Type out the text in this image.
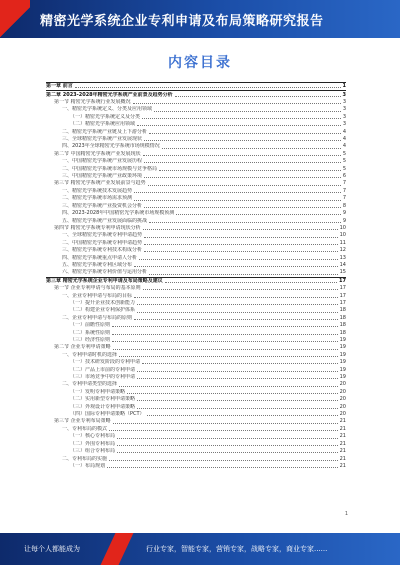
精密光学系统企业专利申请及布局策略研究报告
内容目录
第一章 前言	1
第二章 2023-2028年精密光学系统产业前景及趋势分析	3
第一节 精密光学系统行业发展概况	3
一、精密光学系统定义、分类及应用领域	3
（一）精密光学系统定义及分类	3
（二）精密光学系统应用领域	3
二、精密光学系统产业链及上下游分析	4
三、全球精密光学系统产业发展现状	4
四、2023年全球精密光学系统市场规模情况	4
第二节 中国精密光学系统产业发展现状	5
一、中国精密光学系统产业发展历程	5
二、中国精密光学系统市场规模与竞争格局	5
三、中国精密光学系统产业政策环境	6
第三节 精密光学系统产业发展前景与趋势	7
一、精密光学系统技术发展趋势	7
二、精密光学系统市场需求预测	7
三、精密光学系统产业投资机会分析	8
四、2023-2028年中国精密光学系统市场规模预测	9
五、精密光学系统产业发展面临的挑战	9
第四节 精密光学系统专利申请现状分析	10
一、全球精密光学系统专利申请趋势	10
二、中国精密光学系统专利申请趋势	11
三、精密光学系统专利技术构成分析	12
四、精密光学系统重点申请人分析	13
五、精密光学系统专利区域分布	14
六、精密光学系统专利价值与运用分析	15
第三章 精密光学系统企业专利申请及布局策略及建议	17
第一节 企业专利申请与布局的基本原则	17
一、企业专利申请与布局的目标	17
（一）提升企业技术创新能力	17
（二）构建企业专利保护体系	18
二、企业专利申请与布局的原则	18
（一）前瞻性原则	18
（二）系统性原则	18
（三）经济性原则	19
第二节 企业专利申请策略	19
一、专利申请时机的选择	19
（一）技术研发阶段的专利申请	19
（二）产品上市前的专利申请	19
（三）市场竞争中的专利申请	19
二、专利申请类型的选择	20
（一）发明专利申请策略	20
（二）实用新型专利申请策略	20
（三）外观设计专利申请策略	20
（四）国际专利申请策略（PCT）	20
第三节 企业专利布局策略	21
一、专利布局的模式	21
（一）核心专利布局	21
（二）外围专利布局	21
（三）组合专利布局	21
二、专利布局的实施	21
（一）布局规划	21
1
让每个人都能成为	行业专家，智能专家，营销专家，战略专家，商业专家......
